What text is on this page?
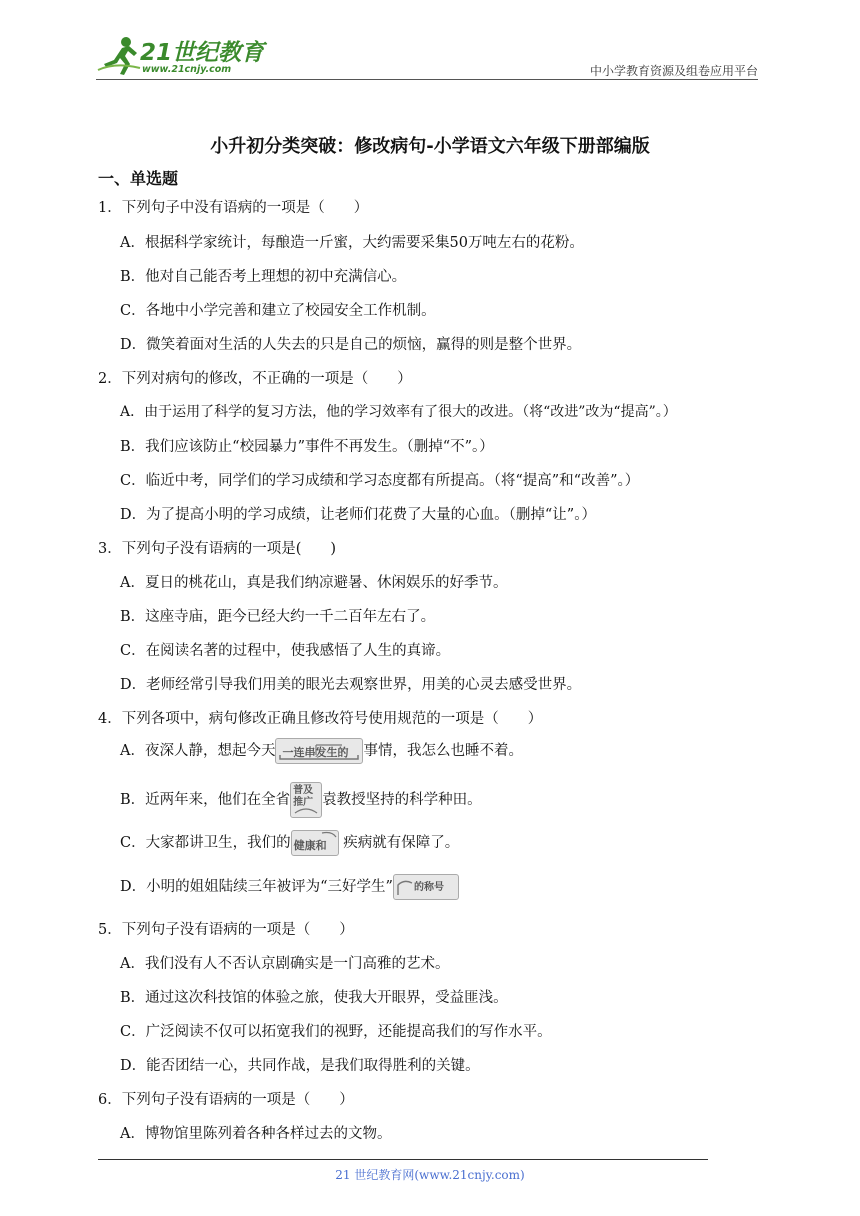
21世纪教育
www.21cnjy.com	中小学教育资源及组卷应用平台
小升初分类突破：修改病句-小学语文六年级下册部编版
一、单选题
1．下列句子中没有语病的一项是（　　）
A．根据科学家统计，每酿造一斤蜜，大约需要采集50万吨左右的花粉。
B．他对自己能否考上理想的初中充满信心。
C．各地中小学完善和建立了校园安全工作机制。
D．微笑着面对生活的人失去的只是自己的烦恼，赢得的则是整个世界。
2．下列对病句的修改，不正确的一项是（　　）
A．由于运用了科学的复习方法，他的学习效率有了很大的改进。（将“改进”改为“提高”。）
B．我们应该防止“校园暴力”事件不再发生。（删掉“不”。）
C．临近中考，同学们的学习成绩和学习态度都有所提高。（将“提高”和“改善”。）
D．为了提高小明的学习成绩，让老师们花费了大量的心血。（删掉“让”。）
3．下列句子没有语病的一项是(　　)
A．夏日的桃花山，真是我们纳凉避暑、休闲娱乐的好季节。
B．这座寺庙，距今已经大约一千二百年左右了。
C．在阅读名著的过程中，使我感悟了人生的真谛。
D．老师经常引导我们用美的眼光去观察世界，用美的心灵去感受世界。
4．下列各项中，病句修改正确且修改符号使用规范的一项是（　　）
A．夜深人静，想起今天 一连串发生的 事情，我怎么也睡不着。
B．近两年来，他们在全省
普及推广 袁教授坚持的科学种田。
C．大家都讲卫生，我们的 健康和 疾病就有保障了。
D．小明的姐姐陆续三年被评为“三好学生” 的称号
5．下列句子没有语病的一项是（　　）
A．我们没有人不否认京剧确实是一门高雅的艺术。
B．通过这次科技馆的体验之旅，使我大开眼界，受益匪浅。
C．广泛阅读不仅可以拓宽我们的视野，还能提高我们的写作水平。
D．能否团结一心，共同作战，是我们取得胜利的关键。
6．下列句子没有语病的一项是（　　）
A．博物馆里陈列着各种各样过去的文物。
21 世纪教育网(www.21cnjy.com)
